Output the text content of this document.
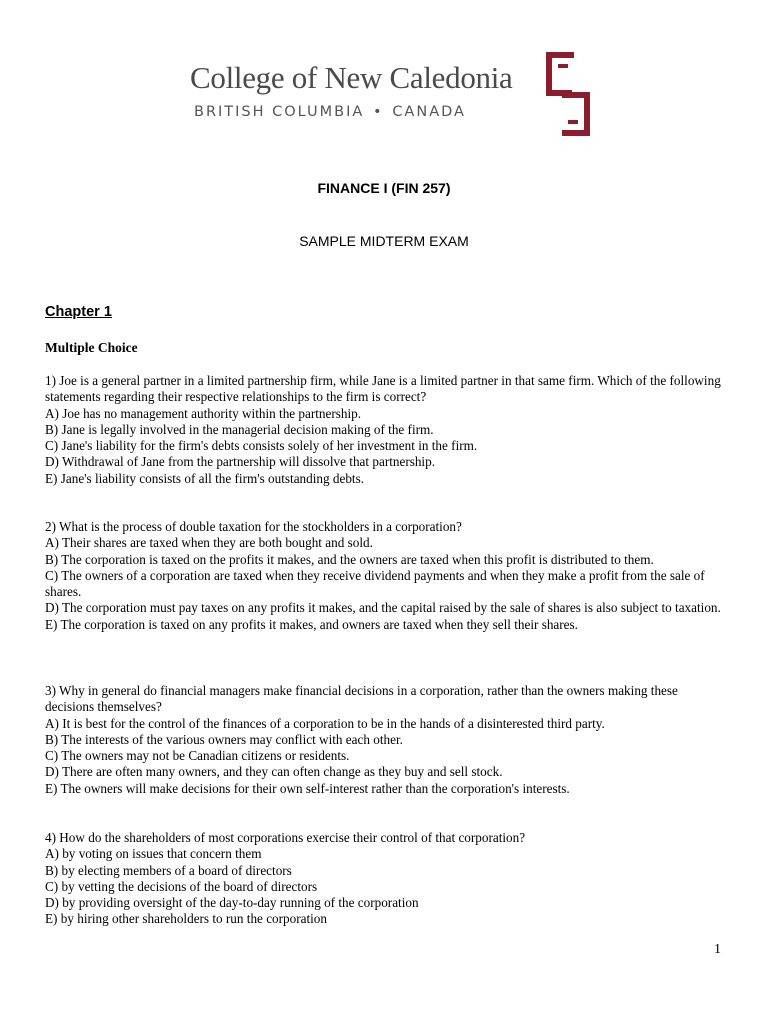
College of New Caledonia
BRITISH COLUMBIA • CANADA
FINANCE I (FIN 257)
SAMPLE MIDTERM EXAM
Chapter 1
Multiple Choice

1) Joe is a general partner in a limited partnership firm, while Jane is a limited partner in that same firm. Which of the following statements regarding their respective relationships to the firm is correct?

A) Joe has no management authority within the partnership.

B) Jane is legally involved in the managerial decision making of the firm.

C) Jane's liability for the firm's debts consists solely of her investment in the firm.

D) Withdrawal of Jane from the partnership will dissolve that partnership.

E) Jane's liability consists of all the firm's outstanding debts.

2) What is the process of double taxation for the stockholders in a corporation?

A) Their shares are taxed when they are both bought and sold.

B) The corporation is taxed on the profits it makes, and the owners are taxed when this profit is distributed to them.

C) The owners of a corporation are taxed when they receive dividend payments and when they make a profit from the sale of shares.

D) The corporation must pay taxes on any profits it makes, and the capital raised by the sale of shares is also subject to taxation.

E) The corporation is taxed on any profits it makes, and owners are taxed when they sell their shares.

3) Why in general do financial managers make financial decisions in a corporation, rather than the owners making these decisions themselves?

A) It is best for the control of the finances of a corporation to be in the hands of a disinterested third party.

B) The interests of the various owners may conflict with each other.

C) The owners may not be Canadian citizens or residents.

D) There are often many owners, and they can often change as they buy and sell stock.

E) The owners will make decisions for their own self-interest rather than the corporation's interests.

4) How do the shareholders of most corporations exercise their control of that corporation?

A) by voting on issues that concern them

B) by electing members of a board of directors

C) by vetting the decisions of the board of directors

D) by providing oversight of the day-to-day running of the corporation

E) by hiring other shareholders to run the corporation

1
